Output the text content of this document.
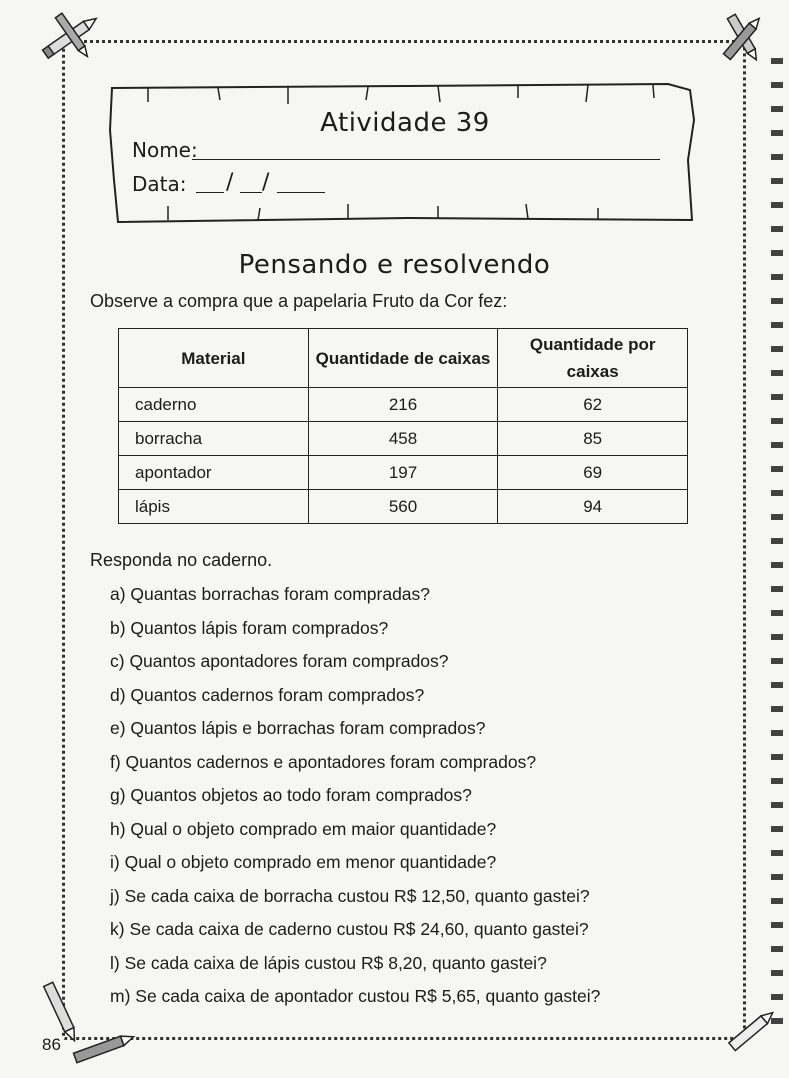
Atividade 39
Nome:
Data: / /
Pensando e resolvendo
Observe a compra que a papelaria Fruto da Cor fez:
Material	Quantidade de caixas	Quantidade por caixas
caderno	216	62
borracha	458	85
apontador	197	69
lápis	560	94
Responda no caderno.
a) Quantas borrachas foram compradas?
b) Quantos lápis foram comprados?
c) Quantos apontadores foram comprados?
d) Quantos cadernos foram comprados?
e) Quantos lápis e borrachas foram comprados?
f) Quantos cadernos e apontadores foram comprados?
g) Quantos objetos ao todo foram comprados?
h) Qual o objeto comprado em maior quantidade?
i) Qual o objeto comprado em menor quantidade?
j) Se cada caixa de borracha custou R$ 12,50, quanto gastei?
k) Se cada caixa de caderno custou R$ 24,60, quanto gastei?
l) Se cada caixa de lápis custou R$ 8,20, quanto gastei?
m) Se cada caixa de apontador custou R$ 5,65, quanto gastei?
86
